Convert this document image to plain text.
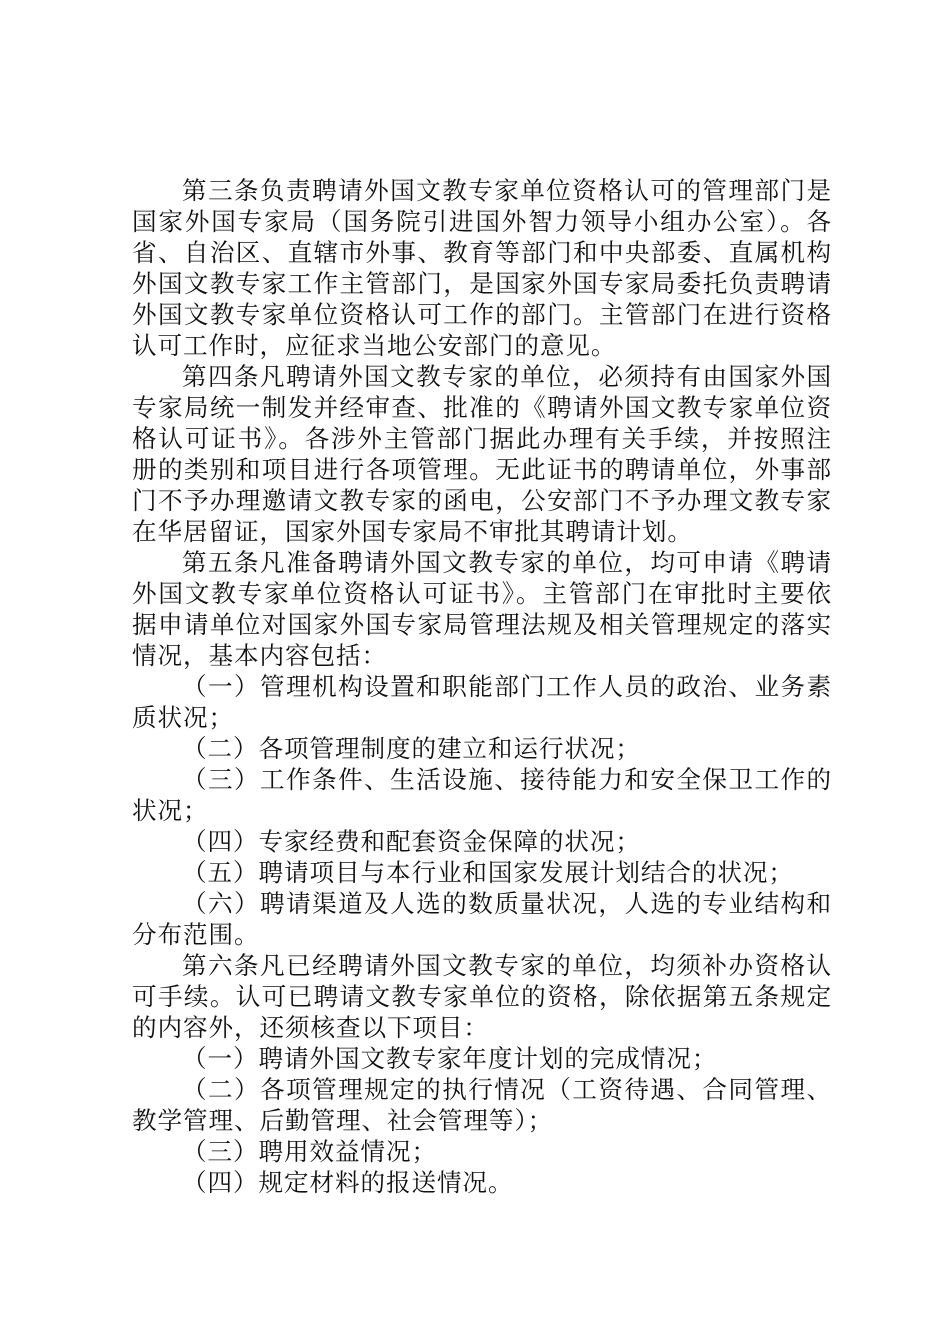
第三条负责聘请外国文教专家单位资格认可的管理部门是国家外国专家局（国务院引进国外智力领导小组办公室）。各省、自治区、直辖市外事、教育等部门和中央部委、直属机构外国文教专家工作主管部门，是国家外国专家局委托负责聘请外国文教专家单位资格认可工作的部门。主管部门在进行资格认可工作时，应征求当地公安部门的意见。

第四条凡聘请外国文教专家的单位，必须持有由国家外国专家局统一制发并经审查、批准的《聘请外国文教专家单位资格认可证书》。各涉外主管部门据此办理有关手续，并按照注册的类别和项目进行各项管理。无此证书的聘请单位，外事部门不予办理邀请文教专家的函电，公安部门不予办理文教专家在华居留证，国家外国专家局不审批其聘请计划。

第五条凡准备聘请外国文教专家的单位，均可申请《聘请外国文教专家单位资格认可证书》。主管部门在审批时主要依据申请单位对国家外国专家局管理法规及相关管理规定的落实情况，基本内容包括：

（一）管理机构设置和职能部门工作人员的政治、业务素质状况；

（二）各项管理制度的建立和运行状况；

（三）工作条件、生活设施、接待能力和安全保卫工作的状况；

（四）专家经费和配套资金保障的状况；

（五）聘请项目与本行业和国家发展计划结合的状况；

（六）聘请渠道及人选的数质量状况，人选的专业结构和分布范围。

第六条凡已经聘请外国文教专家的单位，均须补办资格认可手续。认可已聘请文教专家单位的资格，除依据第五条规定的内容外，还须核查以下项目：

（一）聘请外国文教专家年度计划的完成情况；

（二）各项管理规定的执行情况（工资待遇、合同管理、教学管理、后勤管理、社会管理等）；

（三）聘用效益情况；

（四）规定材料的报送情况。
